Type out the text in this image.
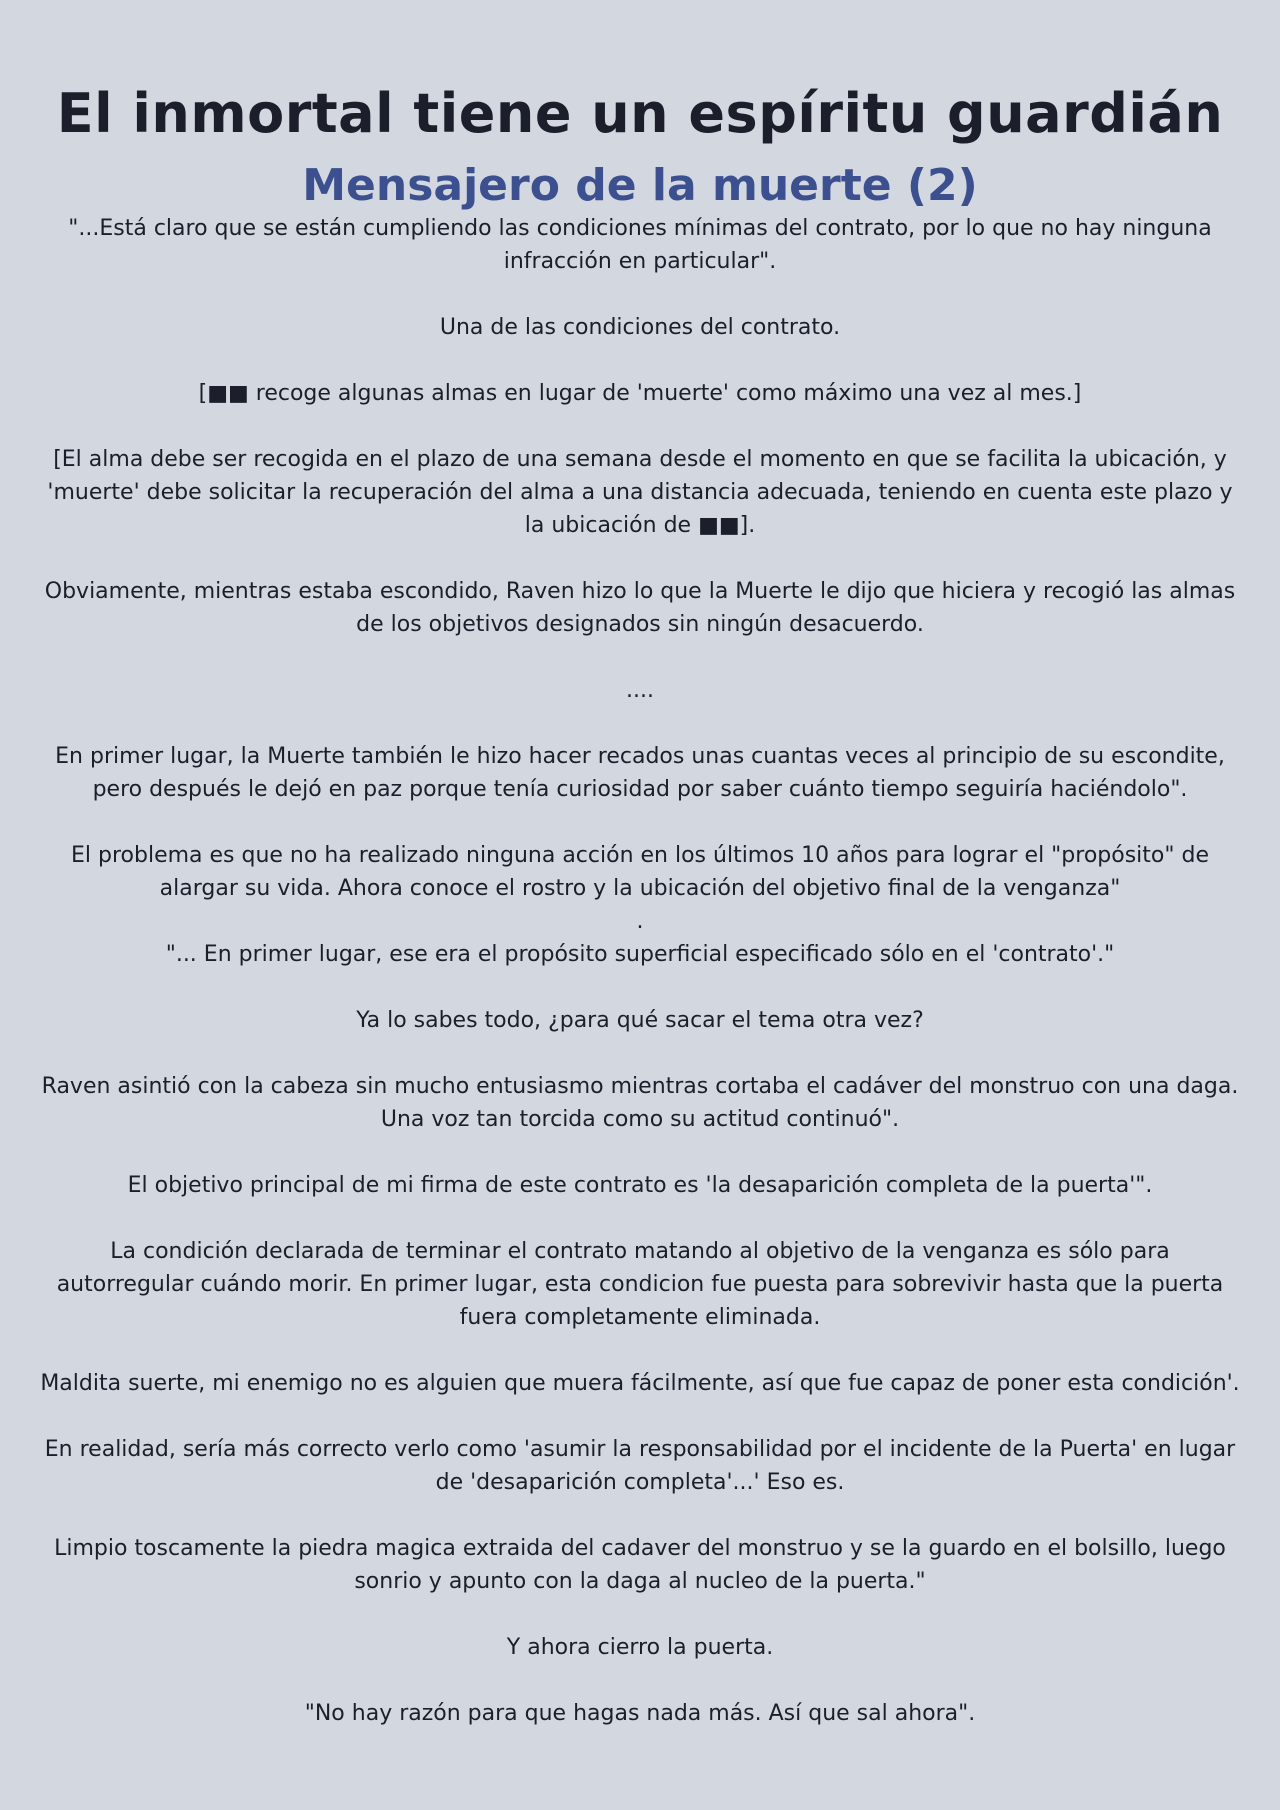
El inmortal tiene un espíritu guardián
Mensajero de la muerte (2)

"...Está claro que se están cumpliendo las condiciones mínimas del contrato, por lo que no hay ninguna infracción en particular".

Una de las condiciones del contrato.

[■■ recoge algunas almas en lugar de 'muerte' como máximo una vez al mes.]

[El alma debe ser recogida en el plazo de una semana desde el momento en que se facilita la ubicación, y 'muerte' debe solicitar la recuperación del alma a una distancia adecuada, teniendo en cuenta este plazo y la ubicación de ■■].

Obviamente, mientras estaba escondido, Raven hizo lo que la Muerte le dijo que hiciera y recogió las almas de los objetivos designados sin ningún desacuerdo.

....

En primer lugar, la Muerte también le hizo hacer recados unas cuantas veces al principio de su escondite, pero después le dejó en paz porque tenía curiosidad por saber cuánto tiempo seguiría haciéndolo".

El problema es que no ha realizado ninguna acción en los últimos 10 años para lograr el "propósito" de alargar su vida. Ahora conoce el rostro y la ubicación del objetivo final de la venganza"

.

"... En primer lugar, ese era el propósito superficial especificado sólo en el 'contrato'."

Ya lo sabes todo, ¿para qué sacar el tema otra vez?

Raven asintió con la cabeza sin mucho entusiasmo mientras cortaba el cadáver del monstruo con una daga. Una voz tan torcida como su actitud continuó".

El objetivo principal de mi firma de este contrato es 'la desaparición completa de la puerta'".

La condición declarada de terminar el contrato matando al objetivo de la venganza es sólo para autorregular cuándo morir. En primer lugar, esta condicion fue puesta para sobrevivir hasta que la puerta fuera completamente eliminada.

Maldita suerte, mi enemigo no es alguien que muera fácilmente, así que fue capaz de poner esta condición'.

En realidad, sería más correcto verlo como 'asumir la responsabilidad por el incidente de la Puerta' en lugar de 'desaparición completa'...' Eso es.

Limpio toscamente la piedra magica extraida del cadaver del monstruo y se la guardo en el bolsillo, luego sonrio y apunto con la daga al nucleo de la puerta."

Y ahora cierro la puerta.

"No hay razón para que hagas nada más. Así que sal ahora".
